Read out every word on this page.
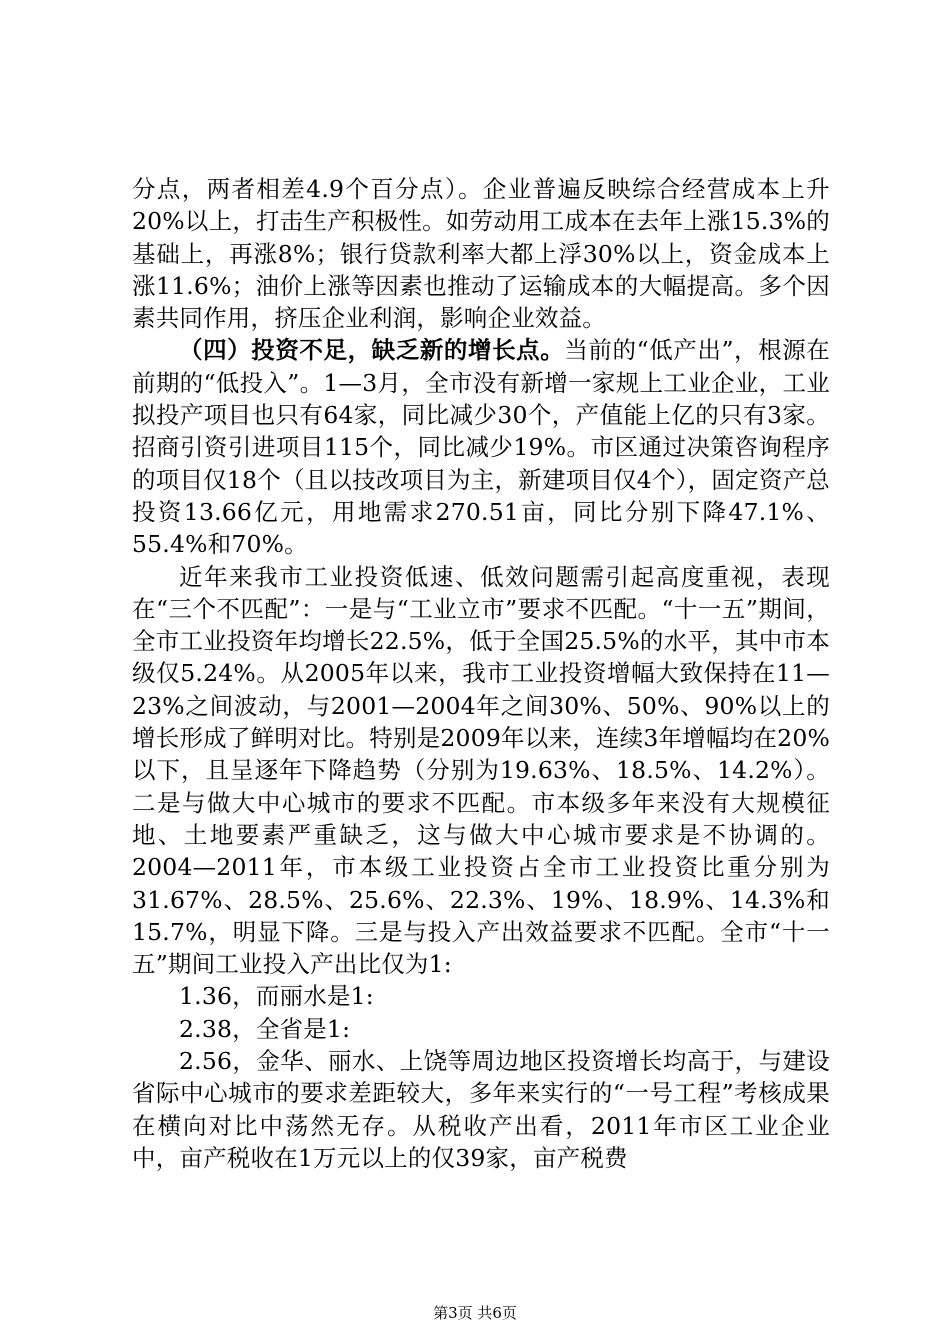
分点，两者相差4.9个百分点）。企业普遍反映综合经营成本上升20%以上，打击生产积极性。如劳动用工成本在去年上涨15.3%的基础上，再涨8%；银行贷款利率大都上浮30%以上，资金成本上涨11.6%；油价上涨等因素也推动了运输成本的大幅提高。多个因素共同作用，挤压企业利润，影响企业效益。

（四）投资不足，缺乏新的增长点。当前的“低产出”，根源在前期的“低投入”。1—3月，全市没有新增一家规上工业企业，工业拟投产项目也只有64家，同比减少30个，产值能上亿的只有3家。招商引资引进项目115个，同比减少19%。市区通过决策咨询程序的项目仅18个（且以技改项目为主，新建项目仅4个），固定资产总投资13.66亿元，用地需求270.51亩，同比分别下降47.1%、55.4%和70%。

近年来我市工业投资低速、低效问题需引起高度重视，表现在“三个不匹配”：一是与“工业立市”要求不匹配。“十一五”期间，全市工业投资年均增长22.5%，低于全国25.5%的水平，其中市本级仅5.24%。从2005年以来，我市工业投资增幅大致保持在11—23%之间波动，与2001—2004年之间30%、50%、90%以上的增长形成了鲜明对比。特别是2009年以来，连续3年增幅均在20%以下，且呈逐年下降趋势（分别为19.63%、18.5%、14.2%）。二是与做大中心城市的要求不匹配。市本级多年来没有大规模征地、土地要素严重缺乏，这与做大中心城市要求是不协调的。2004—2011年，市本级工业投资占全市工业投资比重分别为31.67%、28.5%、25.6%、22.3%、19%、18.9%、14.3%和15.7%，明显下降。三是与投入产出效益要求不匹配。全市“十一五”期间工业投入产出比仅为1:

1.36，而丽水是1:

2.38，全省是1:

2.56，金华、丽水、上饶等周边地区投资增长均高于，与建设省际中心城市的要求差距较大，多年来实行的“一号工程”考核成果在横向对比中荡然无存。从税收产出看，2011年市区工业企业中，亩产税收在1万元以上的仅39家，亩产税费

第3页 共6页
